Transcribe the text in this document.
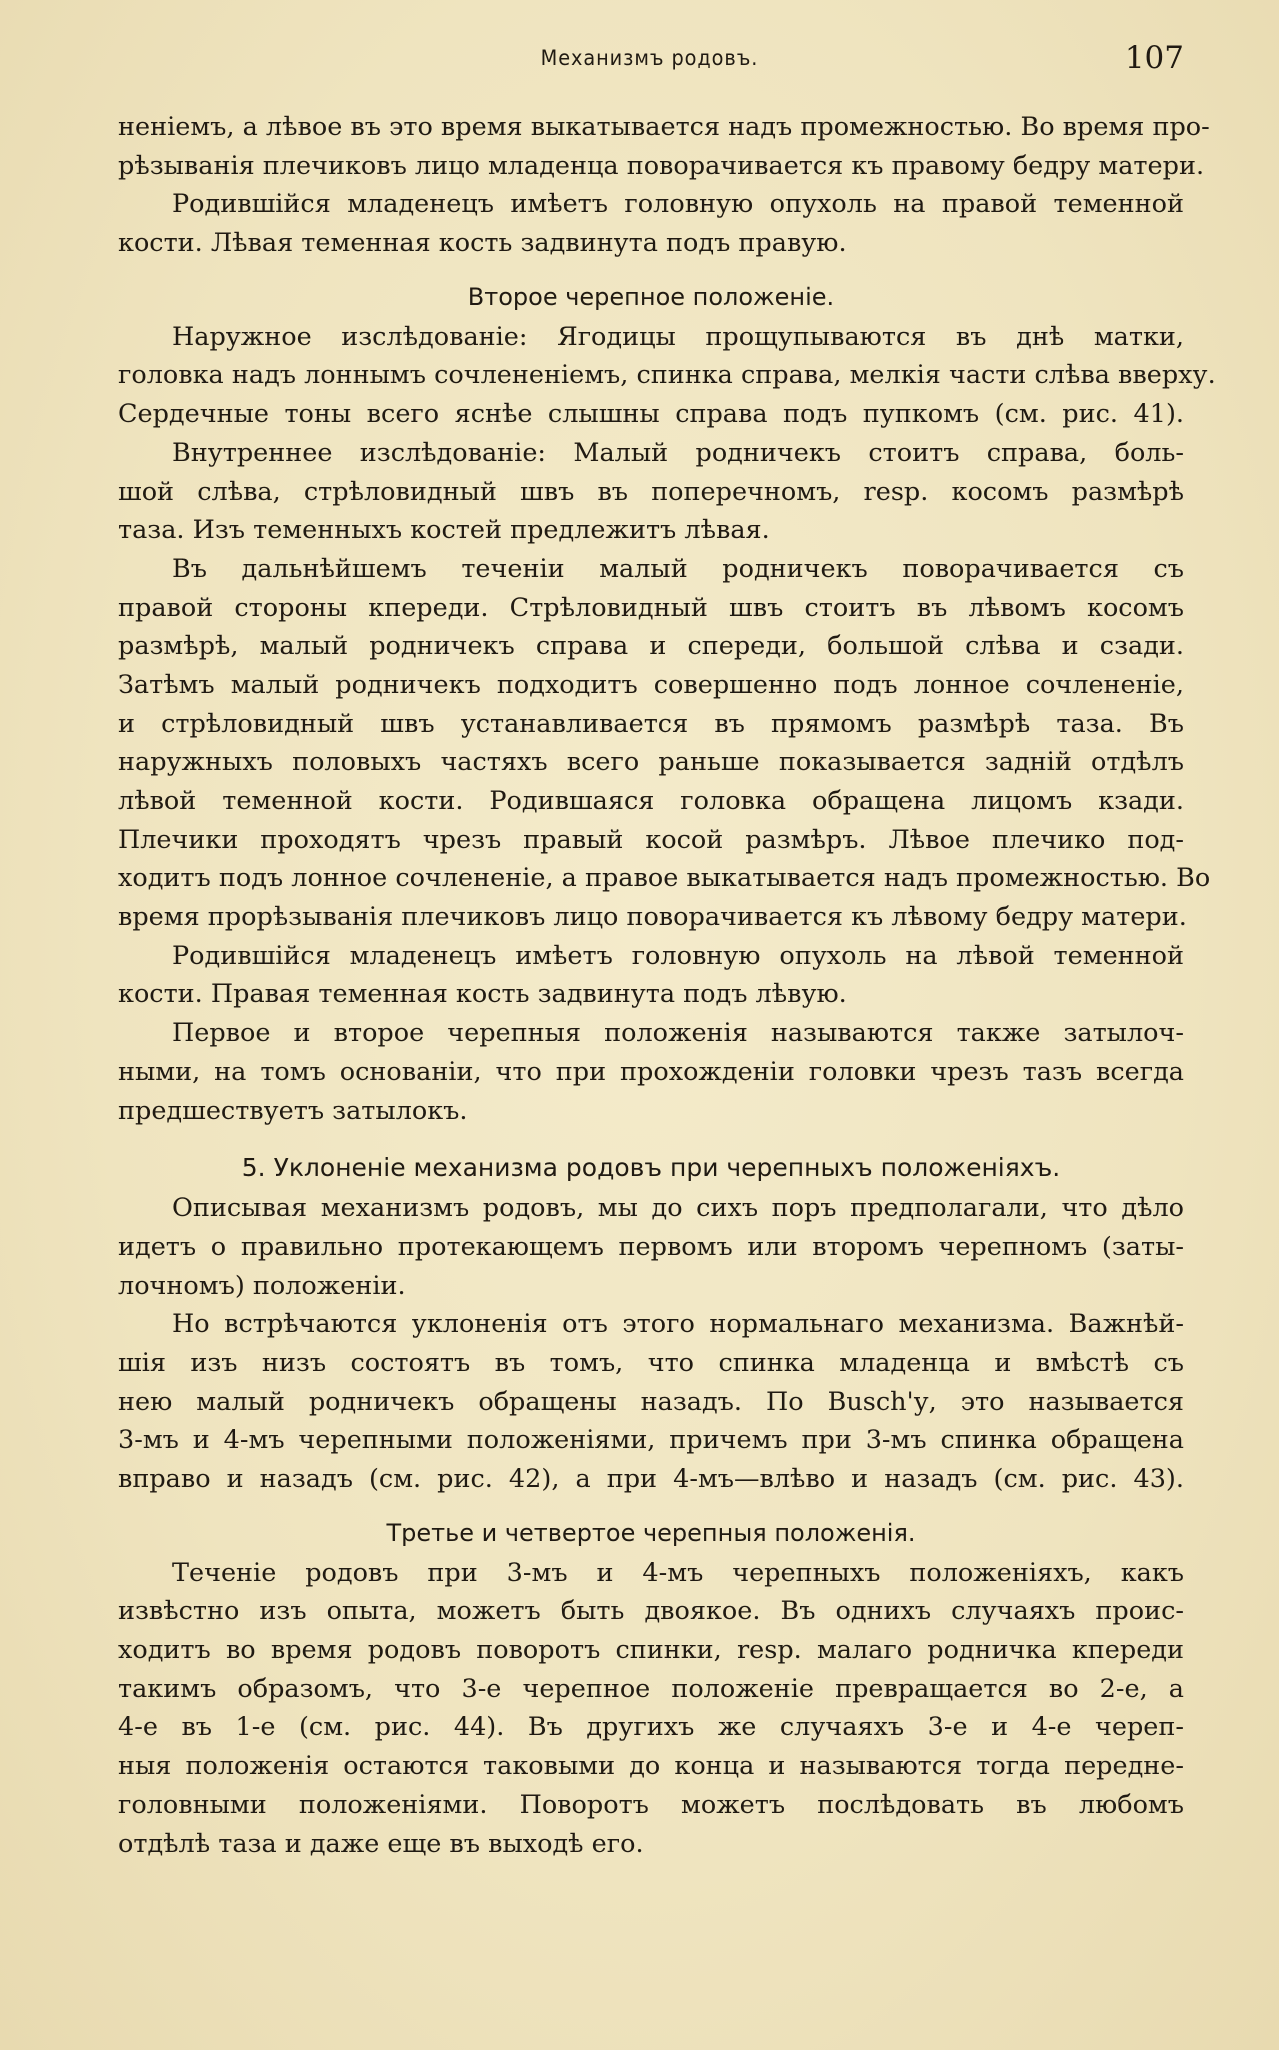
Механизмъ родовъ.	107
неніемъ, а лѣвое въ это время выкатывается надъ промежностью. Во время про-
рѣзыванія плечиковъ лицо младенца поворачивается къ правому бедру матери.
Родившійся младенецъ имѣетъ головную опухоль на правой теменной
кости. Лѣвая теменная кость задвинута подъ правую.
Второе черепное положеніе.
Наружное изслѣдованіе: Ягодицы прощупываются въ днѣ матки,
головка надъ лоннымъ сочлененіемъ, спинка справа, мелкія части слѣва вверху.
Сердечные тоны всего яснѣе слышны справа подъ пупкомъ (см. рис. 41).
Внутреннее изслѣдованіе: Малый родничекъ стоитъ справа, боль-
шой слѣва, стрѣловидный швъ въ поперечномъ, resp. косомъ размѣрѣ
таза. Изъ теменныхъ костей предлежитъ лѣвая.
Въ дальнѣйшемъ теченіи малый родничекъ поворачивается съ
правой стороны кпереди. Стрѣловидный швъ стоитъ въ лѣвомъ косомъ
размѣрѣ, малый родничекъ справа и спереди, большой слѣва и сзади.
Затѣмъ малый родничекъ подходитъ совершенно подъ лонное сочлененіе,
и стрѣловидный швъ устанавливается въ прямомъ размѣрѣ таза. Въ
наружныхъ половыхъ частяхъ всего раньше показывается задній отдѣлъ
лѣвой теменной кости. Родившаяся головка обращена лицомъ кзади.
Плечики проходятъ чрезъ правый косой размѣръ. Лѣвое плечико под-
ходитъ подъ лонное сочлененіе, а правое выкатывается надъ промежностью. Во
время прорѣзыванія плечиковъ лицо поворачивается къ лѣвому бедру матери.
Родившійся младенецъ имѣетъ головную опухоль на лѣвой теменной
кости. Правая теменная кость задвинута подъ лѣвую.
Первое и второе черепныя положенія называются также затылоч-
ными, на томъ основаніи, что при прохожденіи головки чрезъ тазъ всегда
предшествуетъ затылокъ.
5. Уклоненіе механизма родовъ при черепныхъ положеніяхъ.
Описывая механизмъ родовъ, мы до сихъ поръ предполагали, что дѣло
идетъ о правильно протекающемъ первомъ или второмъ черепномъ (заты-
лочномъ) положеніи.
Но встрѣчаются уклоненія отъ этого нормальнаго механизма. Важнѣй-
шія изъ низъ состоятъ въ томъ, что спинка младенца и вмѣстѣ съ
нею малый родничекъ обращены назадъ. По Busch'у, это называется
3-мъ и 4-мъ черепными положеніями, причемъ при 3-мъ спинка обращена
вправо и назадъ (см. рис. 42), а при 4-мъ—влѣво и назадъ (см. рис. 43).
Третье и четвертое черепныя положенія.
Теченіе родовъ при 3-мъ и 4-мъ черепныхъ положеніяхъ, какъ
извѣстно изъ опыта, можетъ быть двоякое. Въ однихъ случаяхъ проис-
ходитъ во время родовъ поворотъ спинки, resp. малаго родничка кпереди
такимъ образомъ, что 3-е черепное положеніе превращается во 2-е, а
4-е въ 1-е (см. рис. 44). Въ другихъ же случаяхъ 3-е и 4-е череп-
ныя положенія остаются таковыми до конца и называются тогда передне-
головными положеніями. Поворотъ можетъ послѣдовать въ любомъ
отдѣлѣ таза и даже еще въ выходѣ его.
